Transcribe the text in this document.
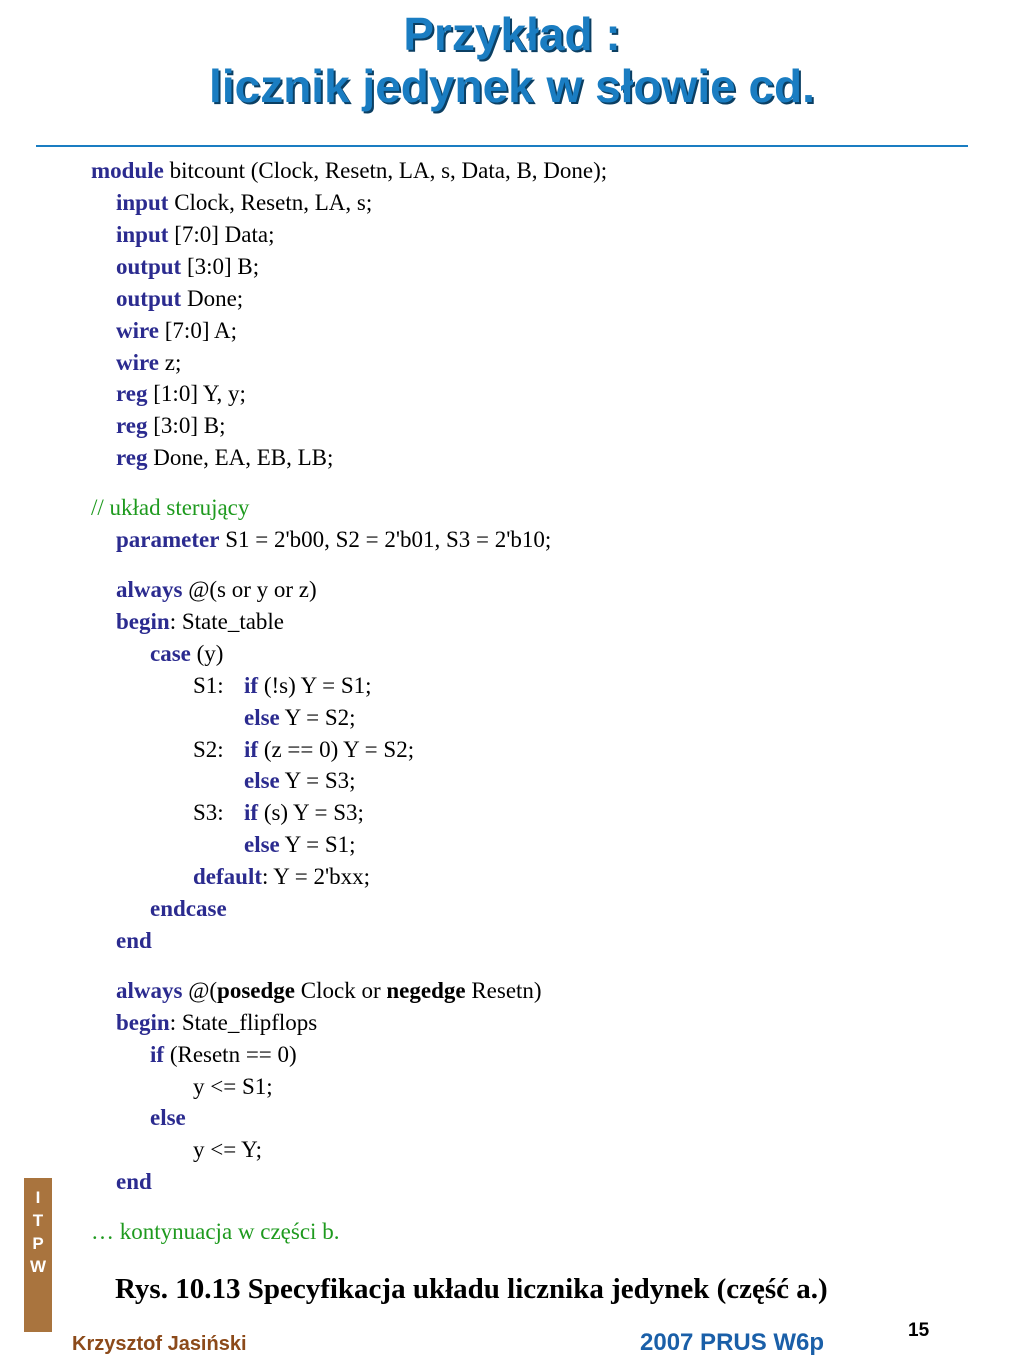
Przykład :
licznik jedynek w słowie cd.
module bitcount (Clock, Resetn, LA, s, Data, B, Done);
input Clock, Resetn, LA, s;
input [7:0] Data;
output [3:0] B;
output Done;
wire [7:0] A;
wire z;
reg [1:0] Y, y;
reg [3:0] B;
reg Done, EA, EB, LB;
// układ sterujący
parameter S1 = 2'b00, S2 = 2'b01, S3 = 2'b10;
always @(s or y or z)
begin: State_table
case (y)
S1: if (!s) Y = S1;
else Y = S2;
S2: if (z == 0) Y = S2;
else Y = S3;
S3: if (s) Y = S3;
else Y = S1;
default: Y = 2'bxx;
endcase
end
always @(posedge Clock or negedge Resetn)
begin: State_flipflops
if (Resetn == 0)
y <= S1;
else
y <= Y;
end
… kontynuacja w części b.
Rys. 10.13 Specyfikacja układu licznika jedynek (część a.)
I
T
P
W
Krzysztof Jasiński	2007 PRUS W6p	15
